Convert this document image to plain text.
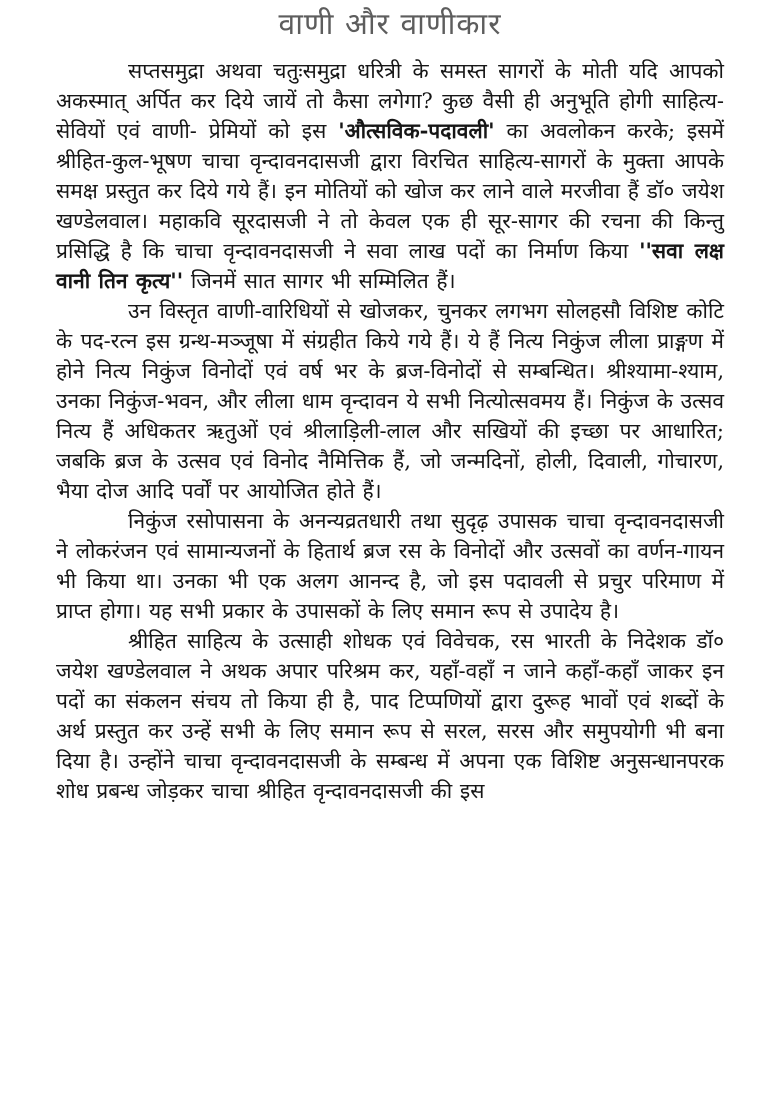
वाणी और वाणीकार

सप्तसमुद्रा अथवा चतुःसमुद्रा धरित्री के समस्त सागरों के मोती यदि आपको अकस्मात् अर्पित कर दिये जायें तो कैसा लगेगा? कुछ वैसी ही अनुभूति होगी साहित्य-सेवियों एवं वाणी- प्रेमियों को इस 'औत्सविक-पदावली' का अवलोकन करके; इसमें श्रीहित-कुल-भूषण चाचा वृन्दावनदासजी द्वारा विरचित साहित्य-सागरों के मुक्ता आपके समक्ष प्रस्तुत कर दिये गये हैं। इन मोतियों को खोज कर लाने वाले मरजीवा हैं डॉ० जयेश खण्डेलवाल। महाकवि सूरदासजी ने तो केवल एक ही सूर-सागर की रचना की किन्तु प्रसिद्धि है कि चाचा वृन्दावनदासजी ने सवा लाख पदों का निर्माण किया ''सवा लक्ष वानी तिन कृत्य'' जिनमें सात सागर भी सम्मिलित हैं।

उन विस्तृत वाणी-वारिधियों से खोजकर, चुनकर लगभग सोलहसौ विशिष्ट कोटि के पद-रत्न इस ग्रन्थ-मञ्जूषा में संग्रहीत किये गये हैं। ये हैं नित्य निकुंज लीला प्राङ्गण में होने नित्य निकुंज विनोदों एवं वर्ष भर के ब्रज-विनोदों से सम्बन्धित। श्रीश्यामा-श्याम, उनका निकुंज-भवन, और लीला धाम वृन्दावन ये सभी नित्योत्सवमय हैं। निकुंज के उत्सव नित्य हैं अधिकतर ऋतुओं एवं श्रीलाड़िली-लाल और सखियों की इच्छा पर आधारित; जबकि ब्रज के उत्सव एवं विनोद नैमित्तिक हैं, जो जन्मदिनों, होली, दिवाली, गोचारण, भैया दोज आदि पर्वों पर आयोजित होते हैं।

निकुंज रसोपासना के अनन्यव्रतधारी तथा सुदृढ़ उपासक चाचा वृन्दावनदासजी ने लोकरंजन एवं सामान्यजनों के हितार्थ ब्रज रस के विनोदों और उत्सवों का वर्णन-गायन भी किया था। उनका भी एक अलग आनन्द है, जो इस पदावली से प्रचुर परिमाण में प्राप्त होगा। यह सभी प्रकार के उपासकों के लिए समान रूप से उपादेय है।

श्रीहित साहित्य के उत्साही शोधक एवं विवेचक, रस भारती के निदेशक डॉ० जयेश खण्डेलवाल ने अथक अपार परिश्रम कर, यहाँ-वहाँ न जाने कहाँ-कहाँ जाकर इन पदों का संकलन संचय तो किया ही है, पाद टिप्पणियों द्वारा दुरूह भावों एवं शब्दों के अर्थ प्रस्तुत कर उन्हें सभी के लिए समान रूप से सरल, सरस और समुपयोगी भी बना दिया है। उन्होंने चाचा वृन्दावनदासजी के सम्बन्ध में अपना एक विशिष्ट अनुसन्धानपरक शोध प्रबन्ध जोड़कर चाचा श्रीहित वृन्दावनदासजी की इस
